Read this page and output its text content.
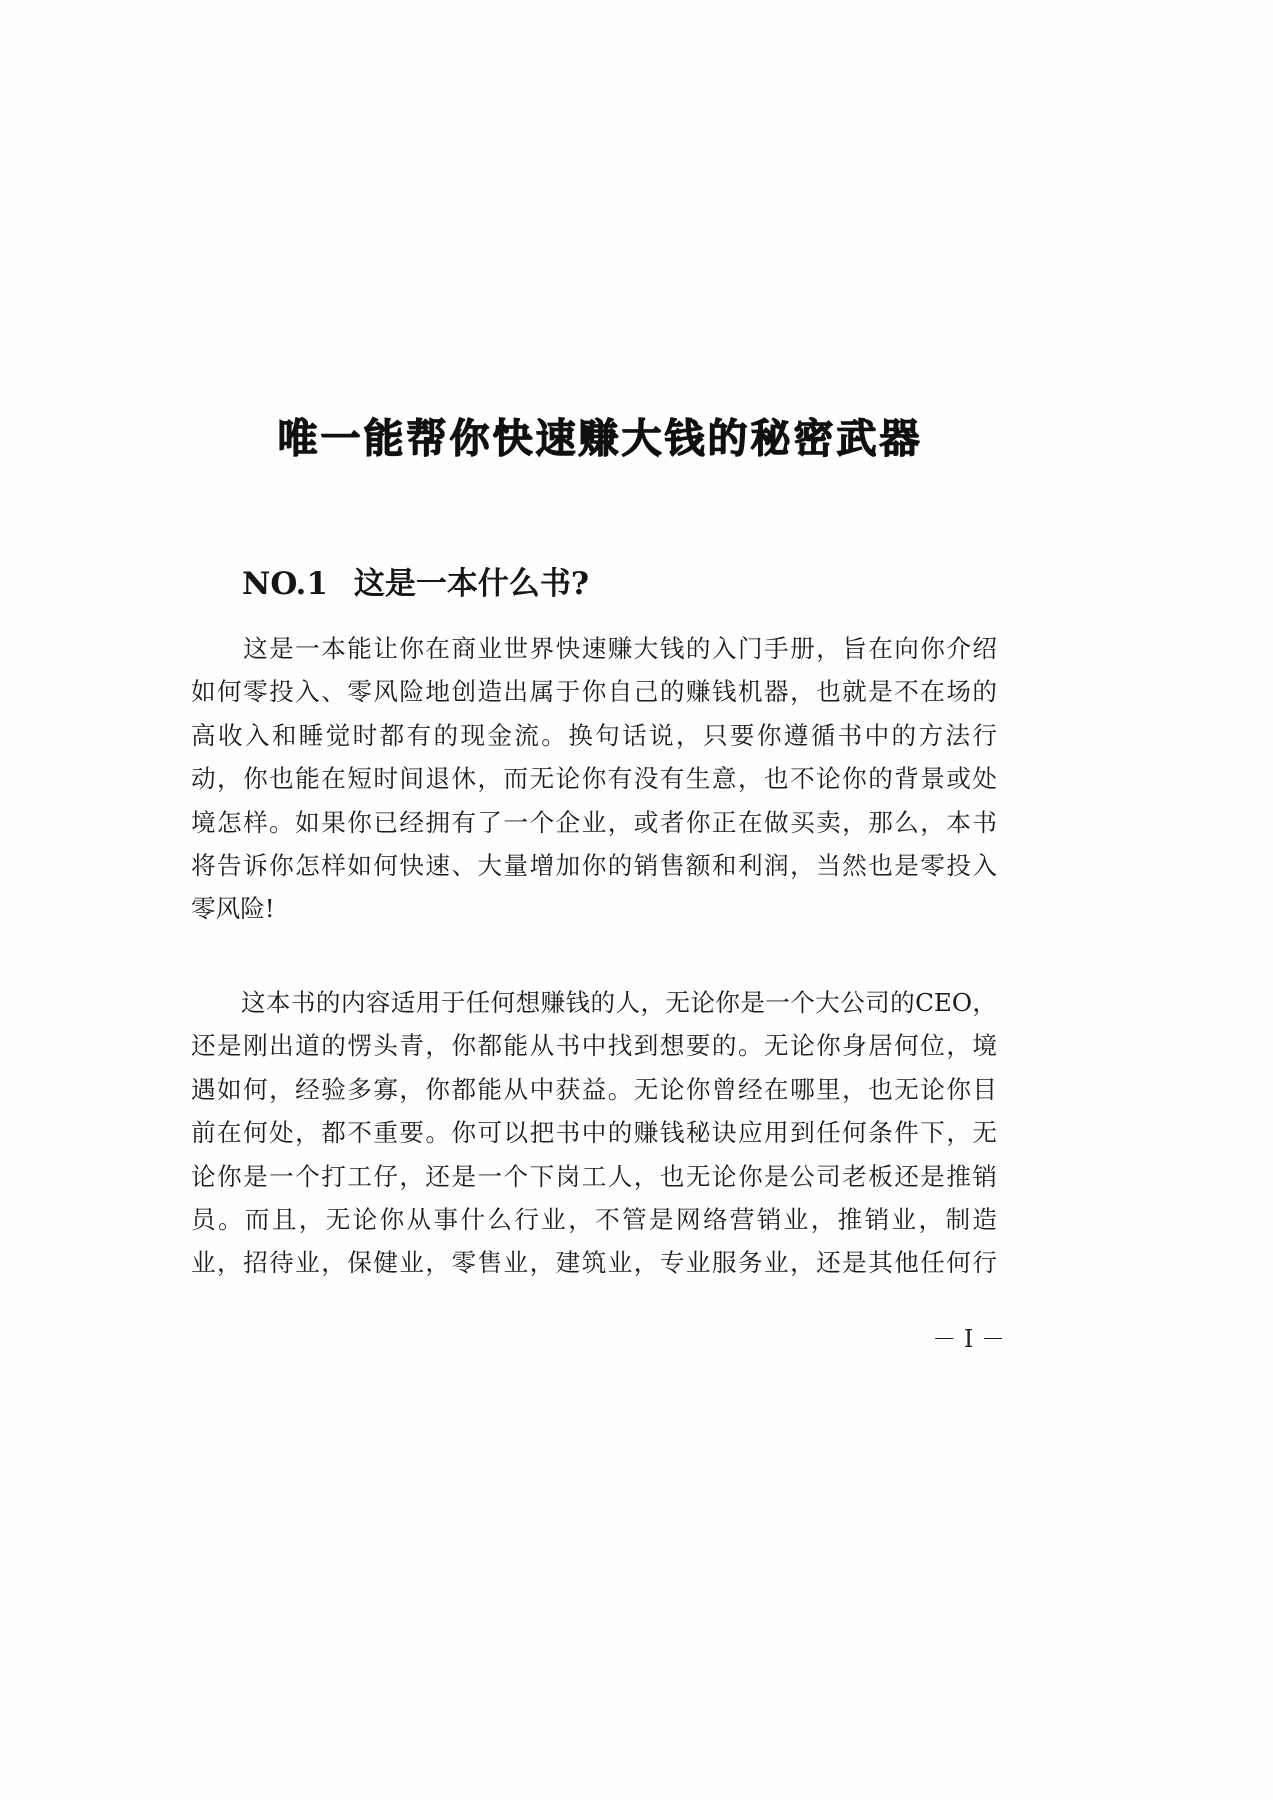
唯一能帮你快速赚大钱的秘密武器
NO.1 这是一本什么书?
　　这是一本能让你在商业世界快速赚大钱的入门手册，旨在向你介绍
如何零投入、零风险地创造出属于你自己的赚钱机器，也就是不在场的
高收入和睡觉时都有的现金流。换句话说，只要你遵循书中的方法行
动，你也能在短时间退休，而无论你有没有生意，也不论你的背景或处
境怎样。如果你已经拥有了一个企业，或者你正在做买卖，那么，本书
将告诉你怎样如何快速、大量增加你的销售额和利润，当然也是零投入
零风险!
　　这本书的内容适用于任何想赚钱的人，无论你是一个大公司的CEO，
还是刚出道的愣头青，你都能从书中找到想要的。无论你身居何位，境
遇如何，经验多寡，你都能从中获益。无论你曾经在哪里，也无论你目
前在何处，都不重要。你可以把书中的赚钱秘诀应用到任何条件下，无
论你是一个打工仔，还是一个下岗工人，也无论你是公司老板还是推销
员。而且，无论你从事什么行业，不管是网络营销业，推销业，制造
业，招待业，保健业，零售业，建筑业，专业服务业，还是其他任何行
－ Ⅰ －
